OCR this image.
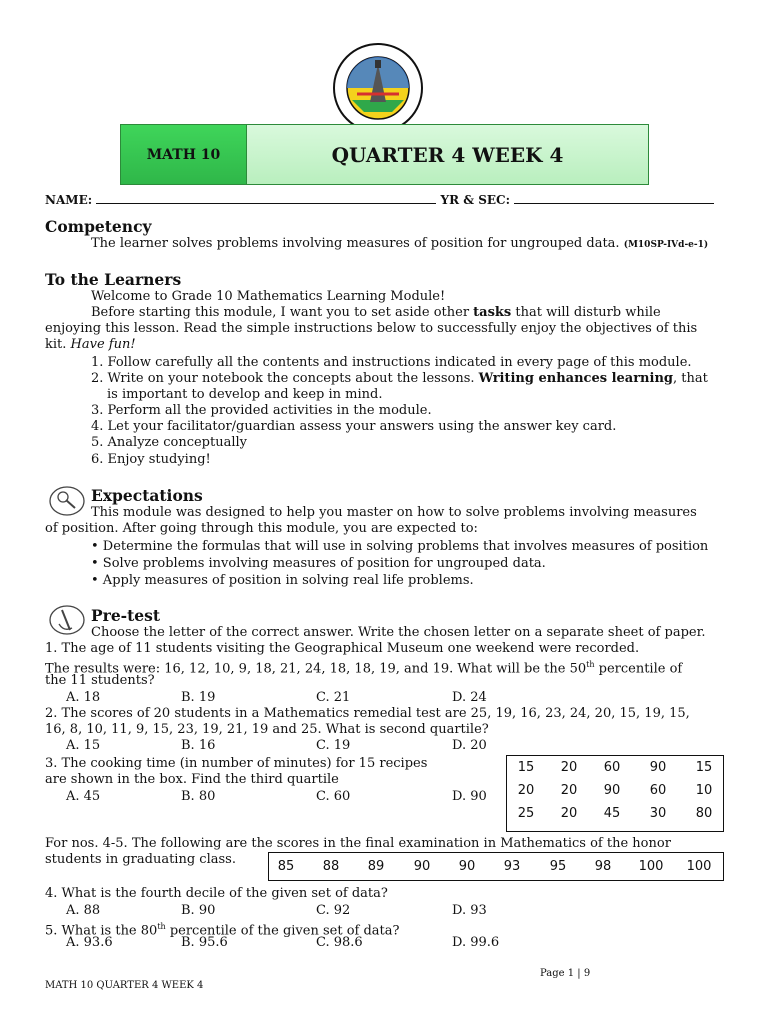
MATH 10	QUARTER 4 WEEK 4
NAME:	YR & SEC:
Competency
The learner solves problems involving measures of position for ungrouped data. (M10SP-IVd-e-1)
To the Learners
Welcome to Grade 10 Mathematics Learning Module!
Before starting this module, I want you to set aside other tasks that will disturb while
enjoying this lesson. Read the simple instructions below to successfully enjoy the objectives of this
kit. Have fun!
1. Follow carefully all the contents and instructions indicated in every page of this module.
2. Write on your notebook the concepts about the lessons. Writing enhances learning, that
is important to develop and keep in mind.
3. Perform all the provided activities in the module.
4. Let your facilitator/guardian assess your answers using the answer key card.
5. Analyze conceptually
6. Enjoy studying!
Expectations
This module was designed to help you master on how to solve problems involving measures
of position. After going through this module, you are expected to:
• Determine the formulas that will use in solving problems that involves measures of position
• Solve problems involving measures of position for ungrouped data.
• Apply measures of position in solving real life problems.
Pre-test
Choose the letter of the correct answer. Write the chosen letter on a separate sheet of paper.
1. The age of 11 students visiting the Geographical Museum one weekend were recorded.
The results were: 16, 12, 10, 9, 18, 21, 24, 18, 18, 19, and 19. What will be the 50th percentile of
the 11 students?
A. 18	B. 19	C. 21	D. 24
2. The scores of 20 students in a Mathematics remedial test are 25, 19, 16, 23, 24, 20, 15, 19, 15,
16, 8, 10, 11, 9, 15, 23, 19, 21, 19 and 25. What is second quartile?
A. 15	B. 16	C. 19	D. 20
3. The cooking time (in number of minutes) for 15 recipes
are shown in the box. Find the third quartile
A. 45	B. 80	C. 60	D. 90
15	20	60	90	15
20	20	90	60	10
25	20	45	30	80
For nos. 4-5. The following are the scores in the final examination in Mathematics of the honor
students in graduating class.	85	88	89	90	90	93	95	98	100	100
4. What is the fourth decile of the given set of data?
A. 88	B. 90	C. 92	D. 93
5. What is the 80th percentile of the given set of data?
A. 93.6	B. 95.6	C. 98.6	D. 99.6
Page 1 | 9
MATH 10 QUARTER 4 WEEK 4
